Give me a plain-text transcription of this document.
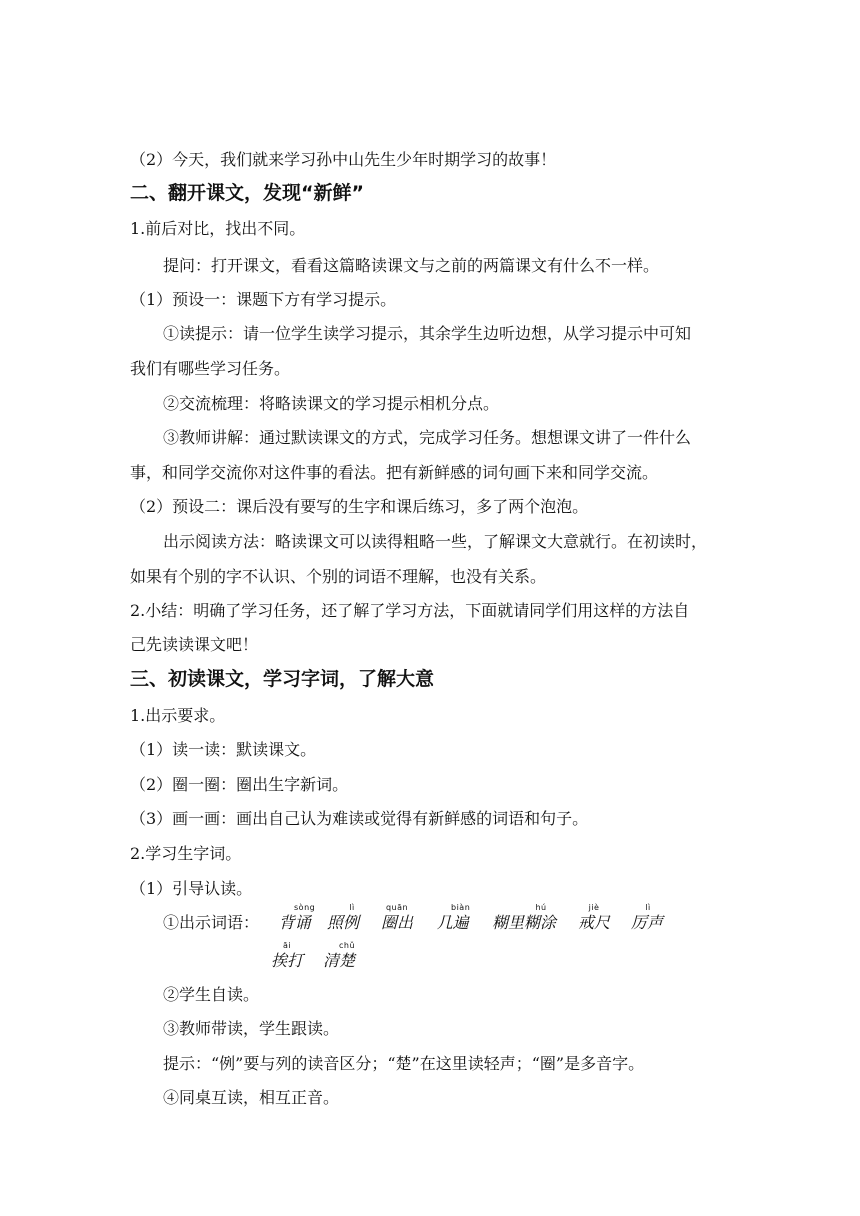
（2）今天，我们就来学习孙中山先生少年时期学习的故事！
二、翻开课文，发现“新鲜”
1.前后对比，找出不同。
提问：打开课文，看看这篇略读课文与之前的两篇课文有什么不一样。
（1）预设一：课题下方有学习提示。
①读提示：请一位学生读学习提示，其余学生边听边想，从学习提示中可知
我们有哪些学习任务。
②交流梳理：将略读课文的学习提示相机分点。
③教师讲解：通过默读课文的方式，完成学习任务。想想课文讲了一件什么
事，和同学交流你对这件事的看法。把有新鲜感的词句画下来和同学交流。
（2）预设二：课后没有要写的生字和课后练习，多了两个泡泡。
出示阅读方法：略读课文可以读得粗略一些，了解课文大意就行。在初读时，
如果有个别的字不认识、个别的词语不理解，也没有关系。
2.小结：明确了学习任务，还了解了学习方法，下面就请同学们用这样的方法自
己先读读课文吧！
三、初读课文，学习字词，了解大意
1.出示要求。
（1）读一读：默读课文。
（2）圈一圈：圈出生字新词。
（3）画一画：画出自己认为难读或觉得有新鲜感的词语和句子。
2.学习生字词。
（1）引导认读。
①出示词语：
sòng
背诵
lì
照例
quān
圈出
biàn
几遍
hú
糊里糊涂
jiè
戒尺
lì
厉声
āi
挨打
chǔ
清楚
②学生自读。
③教师带读，学生跟读。
提示：“例”要与列的读音区分；“楚”在这里读轻声；“圈”是多音字。
④同桌互读，相互正音。
